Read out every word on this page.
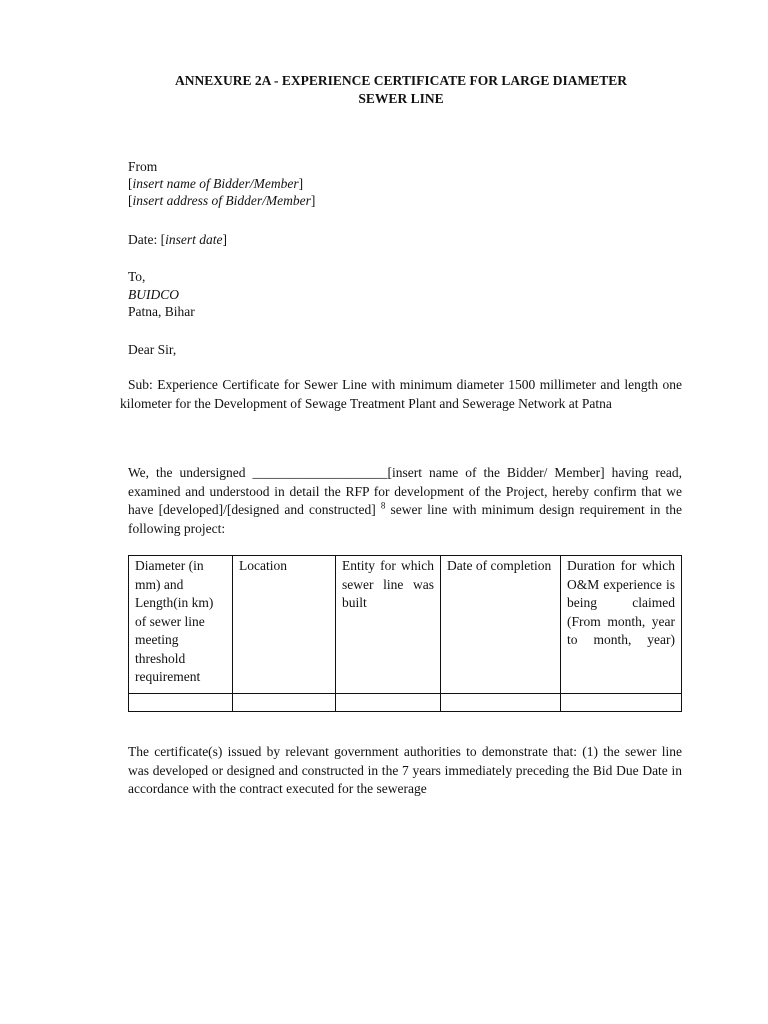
ANNEXURE 2A - EXPERIENCE CERTIFICATE FOR LARGE DIAMETER
SEWER LINE
From
[insert name of Bidder/Member]
[insert address of Bidder/Member]
Date: [insert date]
To,
BUIDCO
Patna, Bihar
Dear Sir,
Sub: Experience Certificate for Sewer Line with minimum diameter 1500 millimeter and length one kilometer for the Development of Sewage Treatment Plant and Sewerage Network at Patna
We, the undersigned ____________________[insert name of the Bidder/ Member] having read, examined and understood in detail the RFP for development of the Project, hereby confirm that we have [developed]/[designed and constructed] $^8$ sewer line with minimum design requirement in the following project:
Diameter (in mm) and Length(in km) of sewer line meeting threshold requirement	Location	Entity for which sewer line was built	Date of completion	Duration for which O&M experience is being claimed (From month, year to month, year)

The certificate(s) issued by relevant government authorities to demonstrate that: (1) the sewer line was developed or designed and constructed in the 7 years immediately preceding the Bid Due Date in accordance with the contract executed for the sewerage
